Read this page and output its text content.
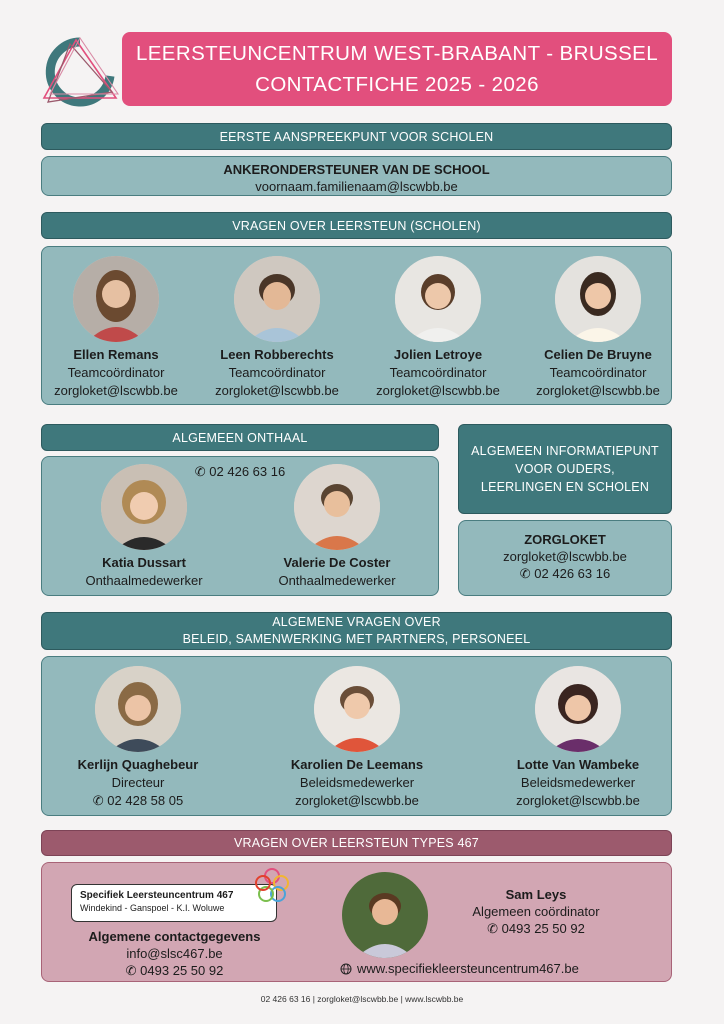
LEERSTEUNCENTRUM WEST-BRABANT - BRUSSEL
CONTACTFICHE 2025 - 2026
EERSTE AANSPREEKPUNT VOOR SCHOLEN
ANKERONDERSTEUNER VAN DE SCHOOL
voornaam.familienaam@lscwbb.be
VRAGEN OVER LEERSTEUN (SCHOLEN)
Ellen Remans
Teamcoördinator
zorgloket@lscwbb.be
Leen Robberechts
Teamcoördinator
zorgloket@lscwbb.be
Jolien Letroye
Teamcoördinator
zorgloket@lscwbb.be
Celien De Bruyne
Teamcoördinator
zorgloket@lscwbb.be
ALGEMEEN ONTHAAL
✆ 02 426 63 16
Katia Dussart
Onthaalmedewerker
Valerie De Coster
Onthaalmedewerker
ALGEMEEN INFORMATIEPUNT
VOOR OUDERS,
LEERLINGEN EN SCHOLEN
ZORGLOKET
zorgloket@lscwbb.be
✆ 02 426 63 16
ALGEMENE VRAGEN OVER
BELEID, SAMENWERKING MET PARTNERS, PERSONEEL
Kerlijn Quaghebeur
Directeur
✆ 02 428 58 05
Karolien De Leemans
Beleidsmedewerker
zorgloket@lscwbb.be
Lotte Van Wambeke
Beleidsmedewerker
zorgloket@lscwbb.be
VRAGEN OVER LEERSTEUN TYPES 467
Specifiek Leersteuncentrum 467
Windekind - Ganspoel - K.I. Woluwe
Algemene contactgegevens
info@slsc467.be
✆ 0493 25 50 92
Sam Leys
Algemeen coördinator
✆ 0493 25 50 92
www.specifiekleersteuncentrum467.be
02 426 63 16 | zorgloket@lscwbb.be | www.lscwbb.be
